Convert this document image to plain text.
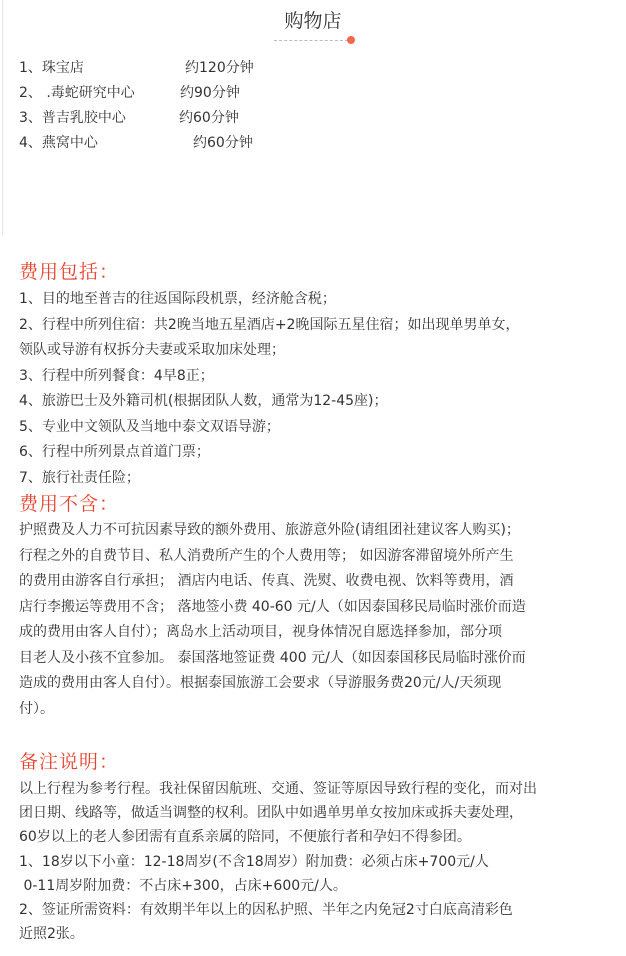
购物店
1、珠宝店	约120分钟
2、 .毒蛇研究中心	约90分钟
3、普吉乳胶中心	约60分钟
4、燕窝中心	约60分钟
费用包括：
1、目的地至普吉的往返国际段机票，经济舱含税；
2、行程中所列住宿：共2晚当地五星酒店+2晚国际五星住宿；如出现单男单女，
领队或导游有权拆分夫妻或采取加床处理；
3、行程中所列餐食：4早8正；
4、旅游巴士及外籍司机(根据团队人数，通常为12-45座)；
5、专业中文领队及当地中泰文双语导游；
6、行程中所列景点首道门票；
7、旅行社责任险；
费用不含：
护照费及人力不可抗因素导致的额外费用、旅游意外险(请组团社建议客人购买)；
行程之外的自费节目、私人消费所产生的个人费用等； 如因游客滞留境外所产生
的费用由游客自行承担； 酒店内电话、传真、洗熨、收费电视、饮料等费用，酒
店行李搬运等费用不含； 落地签小费 40-60 元/人（如因泰国移民局临时涨价而造
成的费用由客人自付）；离岛水上活动项目，视身体情况自愿选择参加，部分项
目老人及小孩不宜参加。 泰国落地签证费 400 元/人（如因泰国移民局临时涨价而
造成的费用由客人自付）。根据泰国旅游工会要求（导游服务费20元/人/天须现
付）。
备注说明：
以上行程为参考行程。我社保留因航班、交通、签证等原因导致行程的变化，而对出
团日期、线路等，做适当调整的权利。团队中如遇单男单女按加床或拆夫妻处理，
60岁以上的老人参团需有直系亲属的陪同，不便旅行者和孕妇不得参团。
1、18岁以下小童：12-18周岁(不含18周岁）附加费：必须占床+700元/人
0-11周岁附加费：不占床+300，占床+600元/人。
2、签证所需资料：有效期半年以上的因私护照、半年之内免冠2寸白底高清彩色
近照2张。
